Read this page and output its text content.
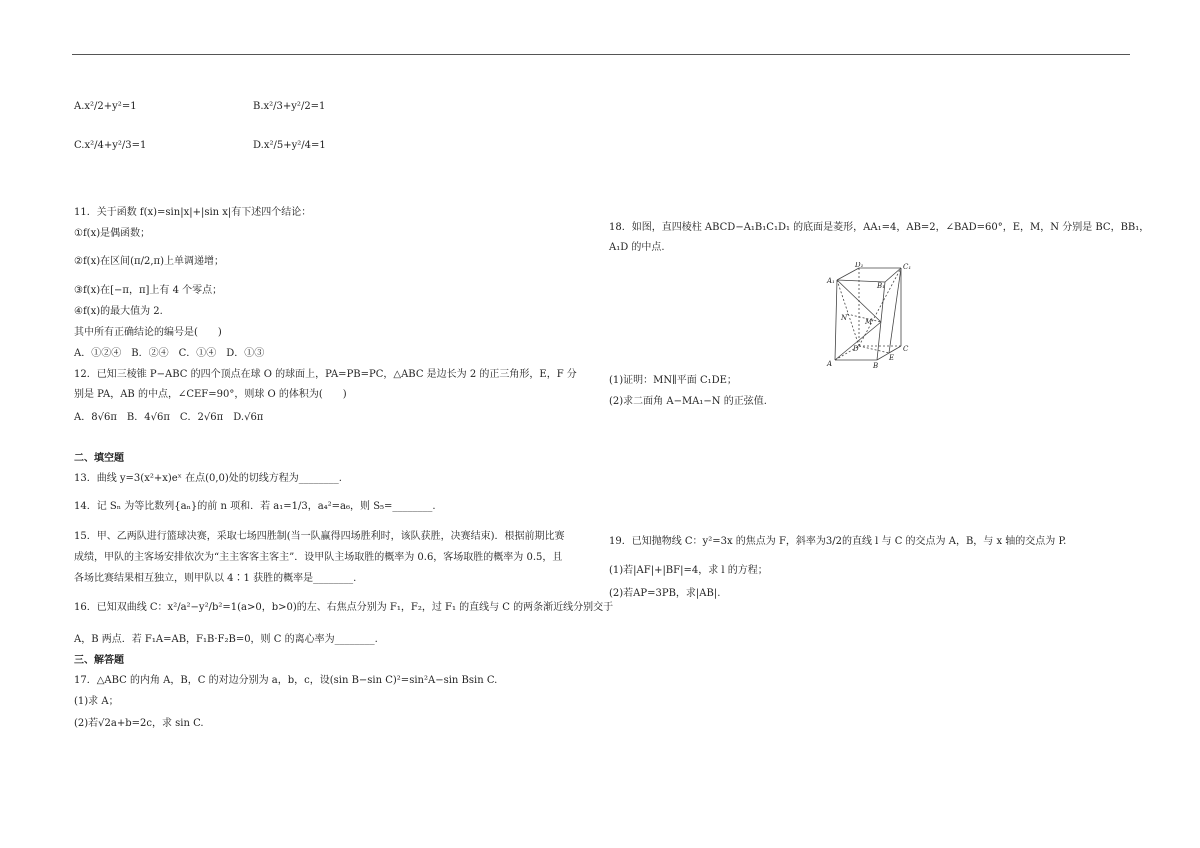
A.x²/2+y²=1	B.x²/3+y²/2=1
C.x²/4+y²/3=1	D.x²/5+y²/4=1
11．关于函数 f(x)=sin|x|+|sin x|有下述四个结论：
①f(x)是偶函数；
②f(x)在区间(π/2,π)上单调递增；
③f(x)在[−π，π]上有 4 个零点；
④f(x)的最大值为 2.
其中所有正确结论的编号是(　　)
A．①②④　B．②④　C．①④　D．①③
12．已知三棱锥 P−ABC 的四个顶点在球 O 的球面上，PA=PB=PC，△ABC 是边长为 2 的正三角形，E，F 分
别是 PA，AB 的中点，∠CEF=90°，则球 O 的体积为(　　)
A．8√6π　B．4√6π　C．2√6π　D.√6π
二、填空题
13．曲线 y=3(x²+x)eˣ 在点(0,0)处的切线方程为________.
14．记 Sₙ 为等比数列{aₙ}的前 n 项和．若 a₁=1/3，a₄²=a₆，则 S₅=________.
15．甲、乙两队进行篮球决赛，采取七场四胜制(当一队赢得四场胜利时，该队获胜，决赛结束)．根据前期比赛
成绩，甲队的主客场安排依次为“主主客客主客主”．设甲队主场取胜的概率为 0.6，客场取胜的概率为 0.5，且
各场比赛结果相互独立，则甲队以 4∶1 获胜的概率是________.
16．已知双曲线 C：x²/a²−y²/b²=1(a>0，b>0)的左、右焦点分别为 F₁，F₂，过 F₁ 的直线与 C 的两条渐近线分别交于
A，B 两点．若 F₁A=AB，F₁B·F₂B=0，则 C 的离心率为________.
三、解答题
17．△ABC 的内角 A，B，C 的对边分别为 a，b，c，设(sin B−sin C)²=sin²A−sin Bsin C.
(1)求 A；
(2)若√2a+b=2c，求 sin C.
18．如图，直四棱柱 ABCD−A₁B₁C₁D₁ 的底面是菱形，AA₁=4，AB=2，∠BAD=60°，E，M，N 分别是 BC，BB₁，
A₁D 的中点.
D₁	C₁
A₁
B₁
N	M
D	C
E
A	B
(1)证明：MN∥平面 C₁DE；
(2)求二面角 A−MA₁−N 的正弦值.
19．已知抛物线 C：y²=3x 的焦点为 F，斜率为3/2的直线 l 与 C 的交点为 A，B，与 x 轴的交点为 P.
(1)若|AF|+|BF|=4，求 l 的方程；
(2)若AP=3PB，求|AB|.
